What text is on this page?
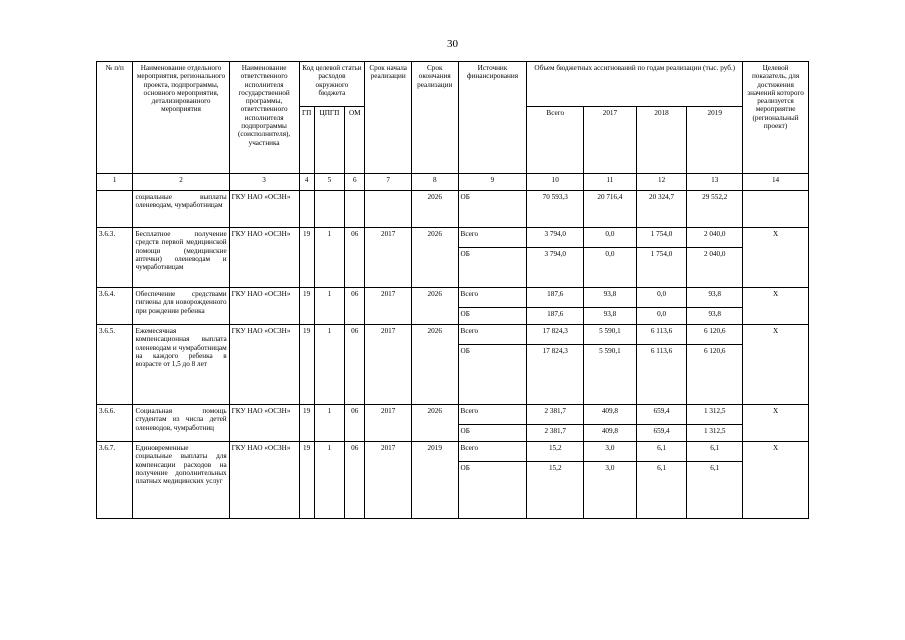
30
№ п/п	Наименование отдельного мероприятия, регионального проекта, подпрограммы, основного мероприятия, детализированного мероприятия	Наименование ответственного исполнителя государственной программы, ответственного исполнителя подпрограммы (соисполнителя), участника	Код целевой статьи расходов окружного бюджета			Срок начала реализации	Срок окончания реализации	Источник финансирования	Объем бюджетных ассигнований по годам реализации (тыс. руб.)				Целевой показатель, для достижения значений которого реализуется мероприятие (региональный проект)
			ГП	ЦПГП	ОМ				Всего	2017	2018	2019	
1	2	3	4	5	6	7	8	9	10	11	12	13	14
	социальные выплаты оленеводам, чумработницам	ГКУ НАО «ОСЗН»					2026	ОБ	70 593,3	20 716,4	20 324,7	29 552,2	
3.6.3.	Бесплатное получение средств первой медицинской помощи (медицинские аптечки) оленеводам и чумработницам	ГКУ НАО «ОСЗН»	19	1	06	2017	2026	Всего	3 794,0	0,0	1 754,0	2 040,0	X
								ОБ	3 794,0	0,0	1 754,0	2 040,0	
3.6.4.	Обеспечение средствами гигиены для новорожденного при рождении ребенка	ГКУ НАО «ОСЗН»	19	1	06	2017	2026	Всего	187,6	93,8	0,0	93,8	X
								ОБ	187,6	93,8	0,0	93,8	
3.6.5.	Ежемесячная компенсационная выплата оленеводам и чумработницам на каждого ребенка в возрасте от 1,5 до 8 лет	ГКУ НАО «ОСЗН»	19	1	06	2017	2026	Всего	17 824,3	5 590,1	6 113,6	6 120,6	X
								ОБ	17 824,3	5 590,1	6 113,6	6 120,6	
3.6.6.	Социальная помощь студентам из числа детей оленеводов, чумработниц	ГКУ НАО «ОСЗН»	19	1	06	2017	2026	Всего	2 381,7	409,8	659,4	1 312,5	X
								ОБ	2 381,7	409,8	659,4	1 312,5	
3.6.7.	Единовременные социальные выплаты для компенсации расходов на получение дополнительных платных медицинских услуг	ГКУ НАО «ОСЗН»	19	1	06	2017	2019	Всего	15,2	3,0	6,1	6,1	X
								ОБ	15,2	3,0	6,1	6,1	
